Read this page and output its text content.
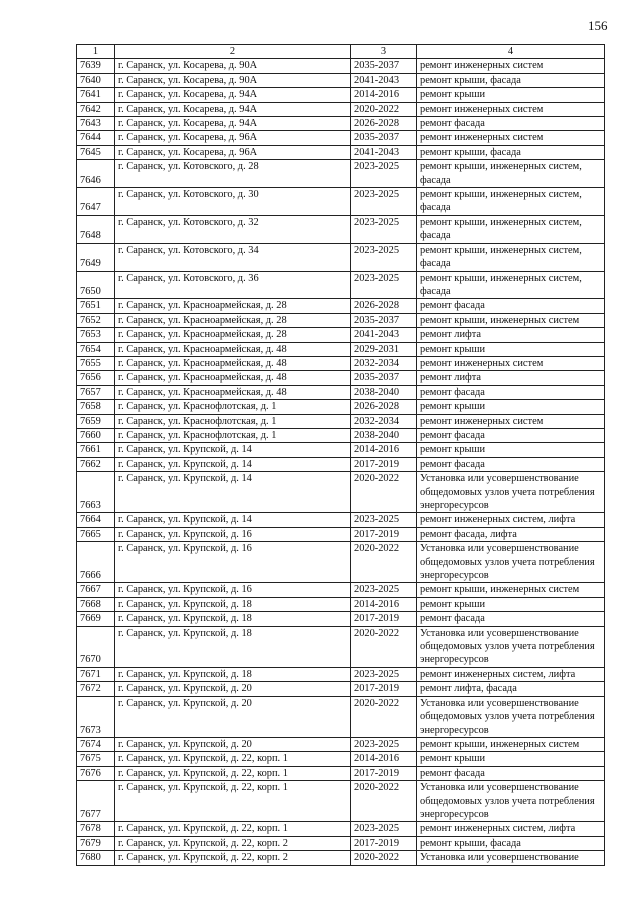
156
1	2	3	4
7639	г. Саранск, ул. Косарева, д. 90А	2035-2037	ремонт инженерных систем
7640	г. Саранск, ул. Косарева, д. 90А	2041-2043	ремонт крыши, фасада
7641	г. Саранск, ул. Косарева, д. 94А	2014-2016	ремонт крыши
7642	г. Саранск, ул. Косарева, д. 94А	2020-2022	ремонт инженерных систем
7643	г. Саранск, ул. Косарева, д. 94А	2026-2028	ремонт фасада
7644	г. Саранск, ул. Косарева, д. 96А	2035-2037	ремонт инженерных систем
7645	г. Саранск, ул. Косарева, д. 96А	2041-2043	ремонт крыши, фасада
7646	г. Саранск, ул. Котовского, д. 28	2023-2025	ремонт крыши, инженерных систем, фасада
7647	г. Саранск, ул. Котовского, д. 30	2023-2025	ремонт крыши, инженерных систем, фасада
7648	г. Саранск, ул. Котовского, д. 32	2023-2025	ремонт крыши, инженерных систем, фасада
7649	г. Саранск, ул. Котовского, д. 34	2023-2025	ремонт крыши, инженерных систем, фасада
7650	г. Саранск, ул. Котовского, д. 36	2023-2025	ремонт крыши, инженерных систем, фасада
7651	г. Саранск, ул. Красноармейская, д. 28	2026-2028	ремонт фасада
7652	г. Саранск, ул. Красноармейская, д. 28	2035-2037	ремонт крыши, инженерных систем
7653	г. Саранск, ул. Красноармейская, д. 28	2041-2043	ремонт лифта
7654	г. Саранск, ул. Красноармейская, д. 48	2029-2031	ремонт крыши
7655	г. Саранск, ул. Красноармейская, д. 48	2032-2034	ремонт инженерных систем
7656	г. Саранск, ул. Красноармейская, д. 48	2035-2037	ремонт лифта
7657	г. Саранск, ул. Красноармейская, д. 48	2038-2040	ремонт фасада
7658	г. Саранск, ул. Краснофлотская, д. 1	2026-2028	ремонт крыши
7659	г. Саранск, ул. Краснофлотская, д. 1	2032-2034	ремонт инженерных систем
7660	г. Саранск, ул. Краснофлотская, д. 1	2038-2040	ремонт фасада
7661	г. Саранск, ул. Крупской, д. 14	2014-2016	ремонт крыши
7662	г. Саранск, ул. Крупской, д. 14	2017-2019	ремонт фасада
7663	г. Саранск, ул. Крупской, д. 14	2020-2022	Установка или усовершенствование общедомовых узлов учета потребления энергоресурсов
7664	г. Саранск, ул. Крупской, д. 14	2023-2025	ремонт инженерных систем, лифта
7665	г. Саранск, ул. Крупской, д. 16	2017-2019	ремонт фасада, лифта
7666	г. Саранск, ул. Крупской, д. 16	2020-2022	Установка или усовершенствование общедомовых узлов учета потребления энергоресурсов
7667	г. Саранск, ул. Крупской, д. 16	2023-2025	ремонт крыши, инженерных систем
7668	г. Саранск, ул. Крупской, д. 18	2014-2016	ремонт крыши
7669	г. Саранск, ул. Крупской, д. 18	2017-2019	ремонт фасада
7670	г. Саранск, ул. Крупской, д. 18	2020-2022	Установка или усовершенствование общедомовых узлов учета потребления энергоресурсов
7671	г. Саранск, ул. Крупской, д. 18	2023-2025	ремонт инженерных систем, лифта
7672	г. Саранск, ул. Крупской, д. 20	2017-2019	ремонт лифта, фасада
7673	г. Саранск, ул. Крупской, д. 20	2020-2022	Установка или усовершенствование общедомовых узлов учета потребления энергоресурсов
7674	г. Саранск, ул. Крупской, д. 20	2023-2025	ремонт крыши, инженерных систем
7675	г. Саранск, ул. Крупской, д. 22, корп. 1	2014-2016	ремонт крыши
7676	г. Саранск, ул. Крупской, д. 22, корп. 1	2017-2019	ремонт фасада
7677	г. Саранск, ул. Крупской, д. 22, корп. 1	2020-2022	Установка или усовершенствование общедомовых узлов учета потребления энергоресурсов
7678	г. Саранск, ул. Крупской, д. 22, корп. 1	2023-2025	ремонт инженерных систем, лифта
7679	г. Саранск, ул. Крупской, д. 22, корп. 2	2017-2019	ремонт крыши, фасада
7680	г. Саранск, ул. Крупской, д. 22, корп. 2	2020-2022	Установка или усовершенствование
